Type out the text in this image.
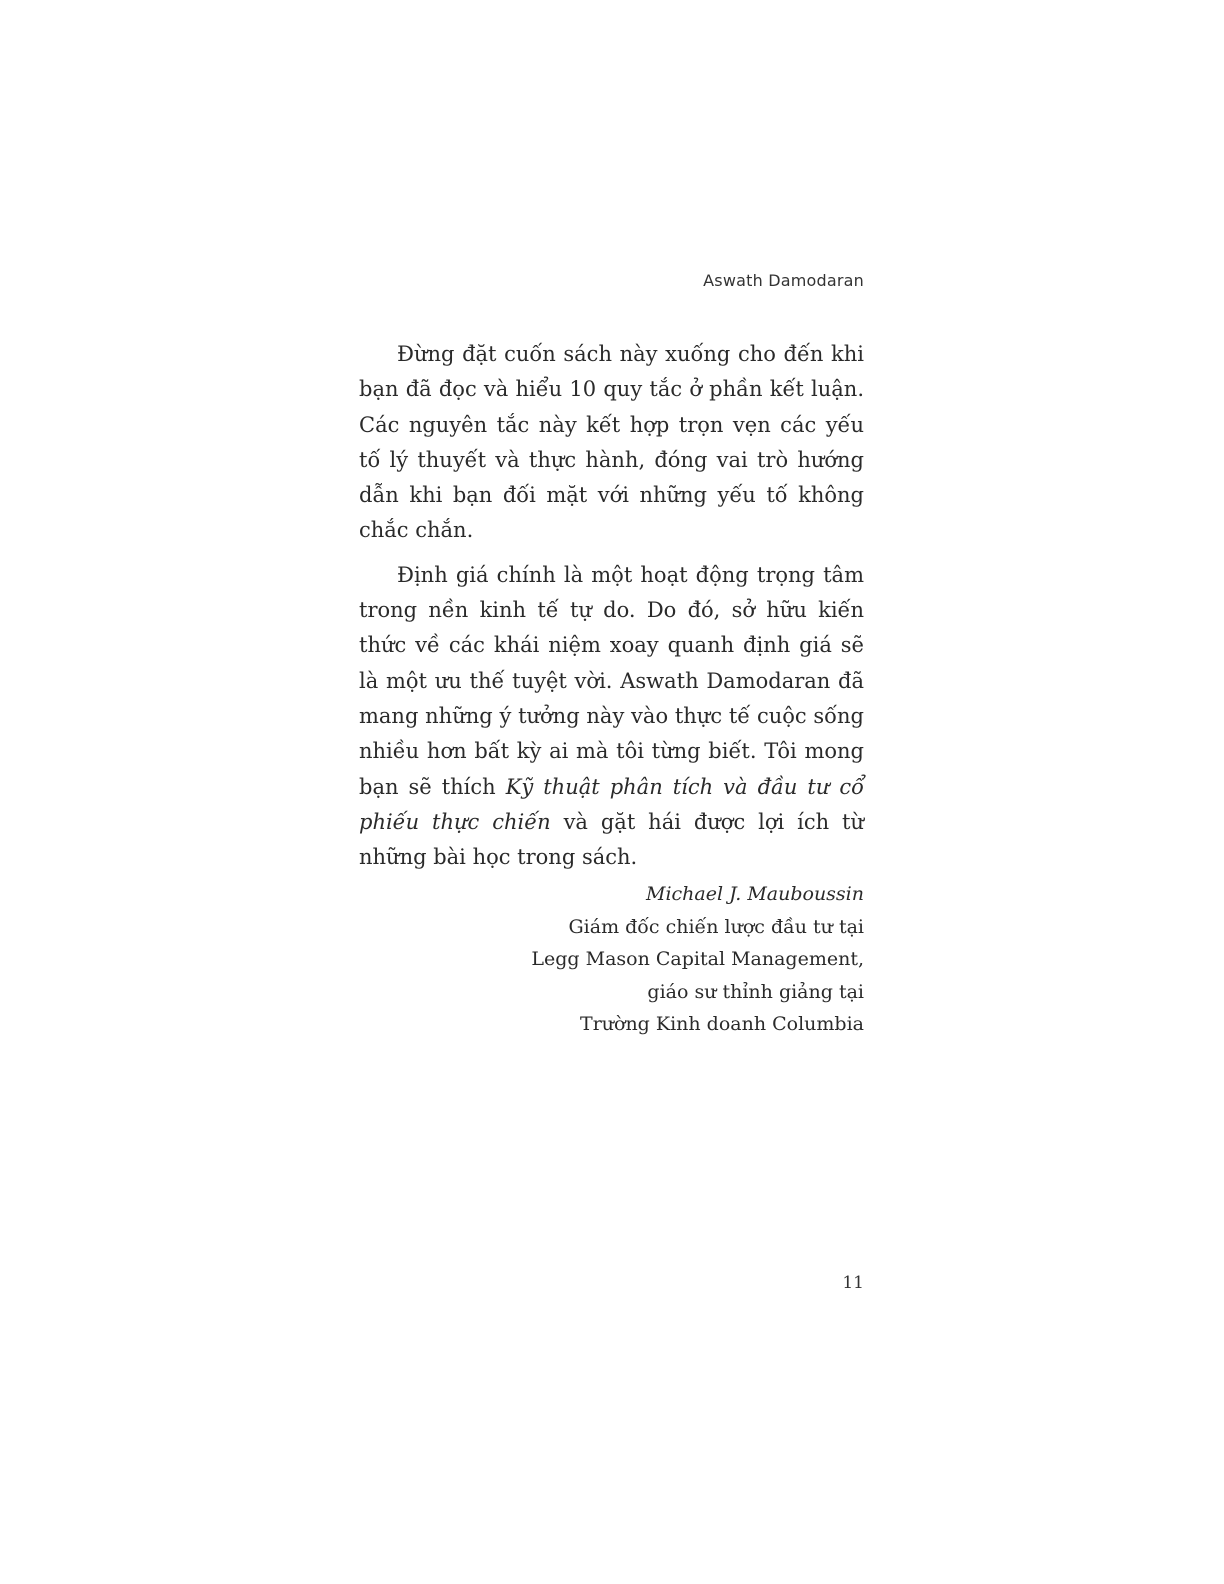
Aswath Damodaran

Đừng đặt cuốn sách này xuống cho đến khi bạn đã đọc và hiểu 10 quy tắc ở phần kết luận. Các nguyên tắc này kết hợp trọn vẹn các yếu tố lý thuyết và thực hành, đóng vai trò hướng dẫn khi bạn đối mặt với những yếu tố không chắc chắn.

Định giá chính là một hoạt động trọng tâm trong nền kinh tế tự do. Do đó, sở hữu kiến thức về các khái niệm xoay quanh định giá sẽ là một ưu thế tuyệt vời. Aswath Damodaran đã mang những ý tưởng này vào thực tế cuộc sống nhiều hơn bất kỳ ai mà tôi từng biết. Tôi mong bạn sẽ thích Kỹ thuật phân tích và đầu tư cổ phiếu thực chiến và gặt hái được lợi ích từ những bài học trong sách.

Michael J. Mauboussin
Giám đốc chiến lược đầu tư tại
Legg Mason Capital Management,
giáo sư thỉnh giảng tại
Trường Kinh doanh Columbia
11
